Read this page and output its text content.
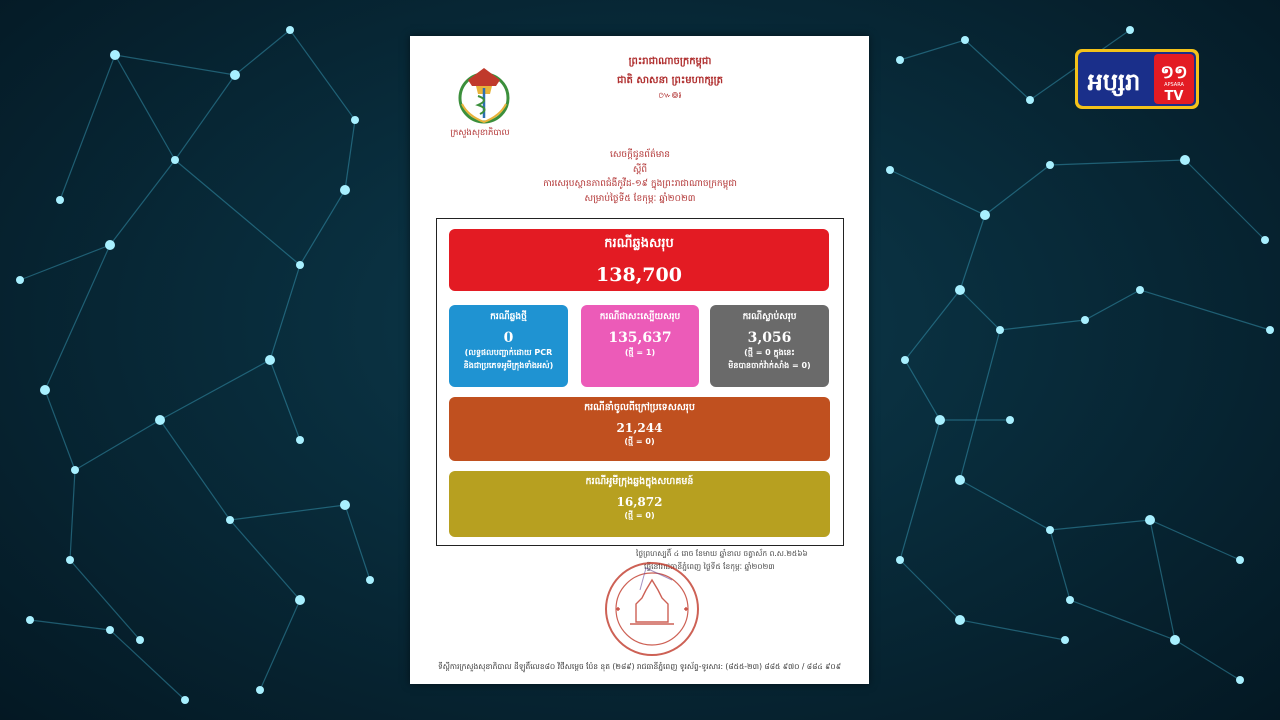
ព្រះរាជាណាចក្រកម្ពុជា
ជាតិ សាសនា ព្រះមហាក្សត្រ
៚៙៛
ក្រសួងសុខាភិបាល
សេចក្តីជូនព័ត៌មាន
ស្តីពី
ការសេរុបស្ថានភាពជំងឺកូវីដ-១៩ ក្នុងព្រះរាជាណាចក្រកម្ពុជា
សម្រាប់ថ្ងៃទី៥ ខែកុម្ភៈ ឆ្នាំ២០២៣
ករណីឆ្លងសរុប
138,700
ករណីឆ្លងថ្មី
0
(លទ្ធផលបញ្ជាក់ដោយ PCR
និងជាប្រភេទអូមីក្រុងទាំងអស់)
ករណីជាសះស្បើយសរុប
135,637
(ថ្មី = 1)
ករណីស្លាប់សរុប
3,056
(ថ្មី = 0 ក្នុងនេះ
មិនបានចាក់វ៉ាក់សាំង = 0)
ករណីនាំចូលពីក្រៅប្រទេសសរុប
21,244
(ថ្មី = 0)
ករណីអូមីក្រុងឆ្លងក្នុងសហគមន៍
16,872
(ថ្មី = 0)
ថ្ងៃព្រហស្បតិ៍ ៤ រោច ខែមាឃ ឆ្នាំខាល ចត្វាស័ក ព.ស.២៥៦៦
ធ្វើនៅរាជធានីភ្នំពេញ ថ្ងៃទី៥ ខែកុម្ភៈ ឆ្នាំ២០២៣
ទីស្តីការក្រសួងសុខាភិបាល ដីឡូតិ៍លេខ៨០ វិថីសម្ដេច ប៉ែន នុត (២៨៩) រាជធានីភ្នំពេញ ទូរស័ព្ទ-ទូរសារ: (៨៥៥-២៣) ៨៨៥ ៩៧០ / ៨៨៤ ៩០៩
អប្សរា ១១
APSARA
TV
